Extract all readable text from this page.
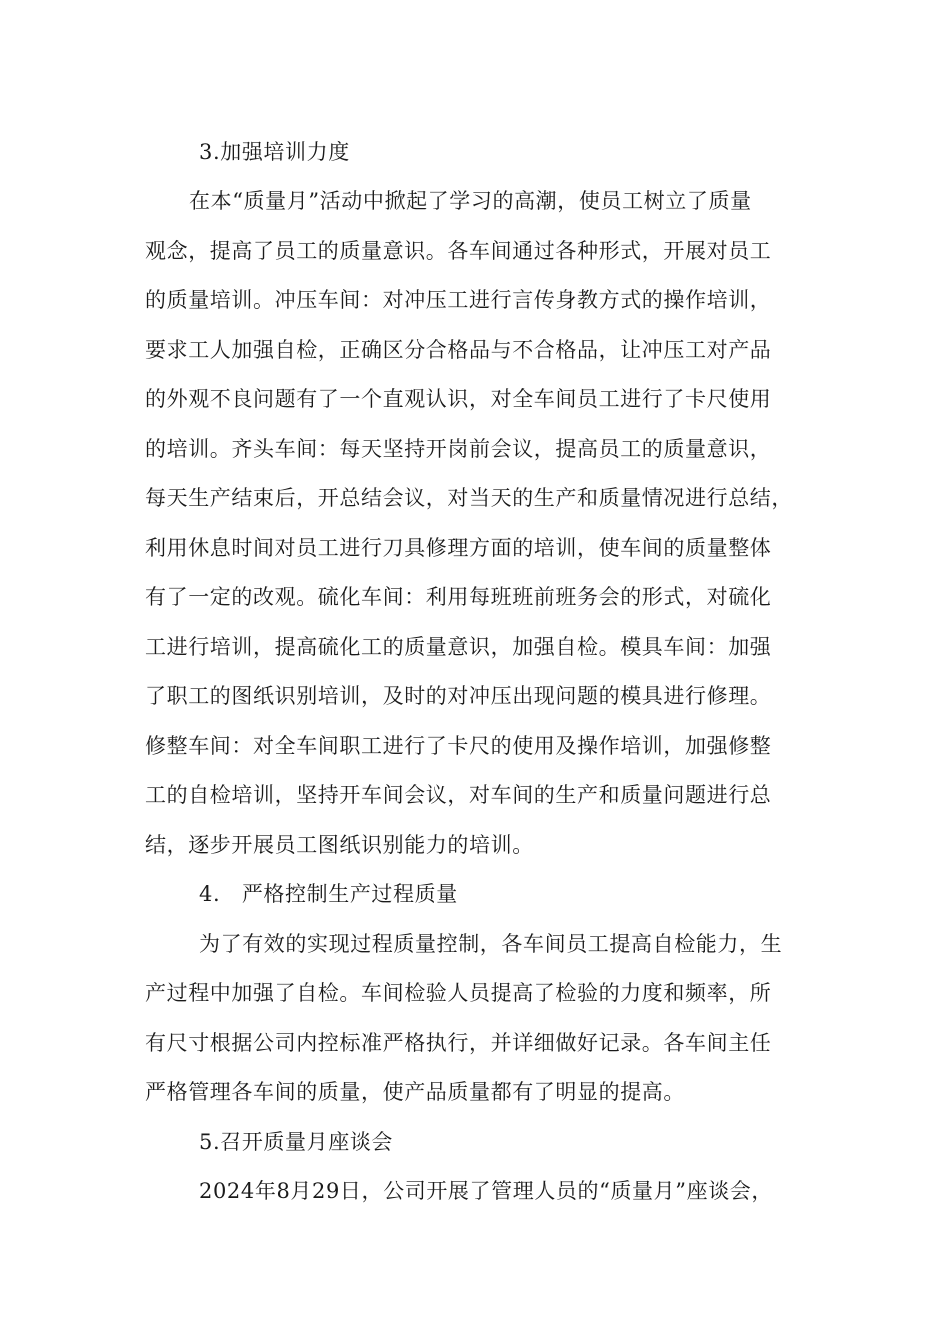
3.加强培训力度
在本“质量月”活动中掀起了学习的高潮，使员工树立了质量
观念，提高了员工的质量意识。各车间通过各种形式，开展对员工
的质量培训。冲压车间：对冲压工进行言传身教方式的操作培训，
要求工人加强自检，正确区分合格品与不合格品，让冲压工对产品
的外观不良问题有了一个直观认识，对全车间员工进行了卡尺使用
的培训。齐头车间：每天坚持开岗前会议，提高员工的质量意识，
每天生产结束后，开总结会议，对当天的生产和质量情况进行总结，
利用休息时间对员工进行刀具修理方面的培训，使车间的质量整体
有了一定的改观。硫化车间：利用每班班前班务会的形式，对硫化
工进行培训，提高硫化工的质量意识，加强自检。模具车间：加强
了职工的图纸识别培训，及时的对冲压出现问题的模具进行修理。
修整车间：对全车间职工进行了卡尺的使用及操作培训，加强修整
工的自检培训，坚持开车间会议，对车间的生产和质量问题进行总
结，逐步开展员工图纸识别能力的培训。
4.　严格控制生产过程质量
为了有效的实现过程质量控制，各车间员工提高自检能力，生
产过程中加强了自检。车间检验人员提高了检验的力度和频率，所
有尺寸根据公司内控标准严格执行，并详细做好记录。各车间主任
严格管理各车间的质量，使产品质量都有了明显的提高。
5.召开质量月座谈会
2024年8月29日，公司开展了管理人员的“质量月”座谈会，
